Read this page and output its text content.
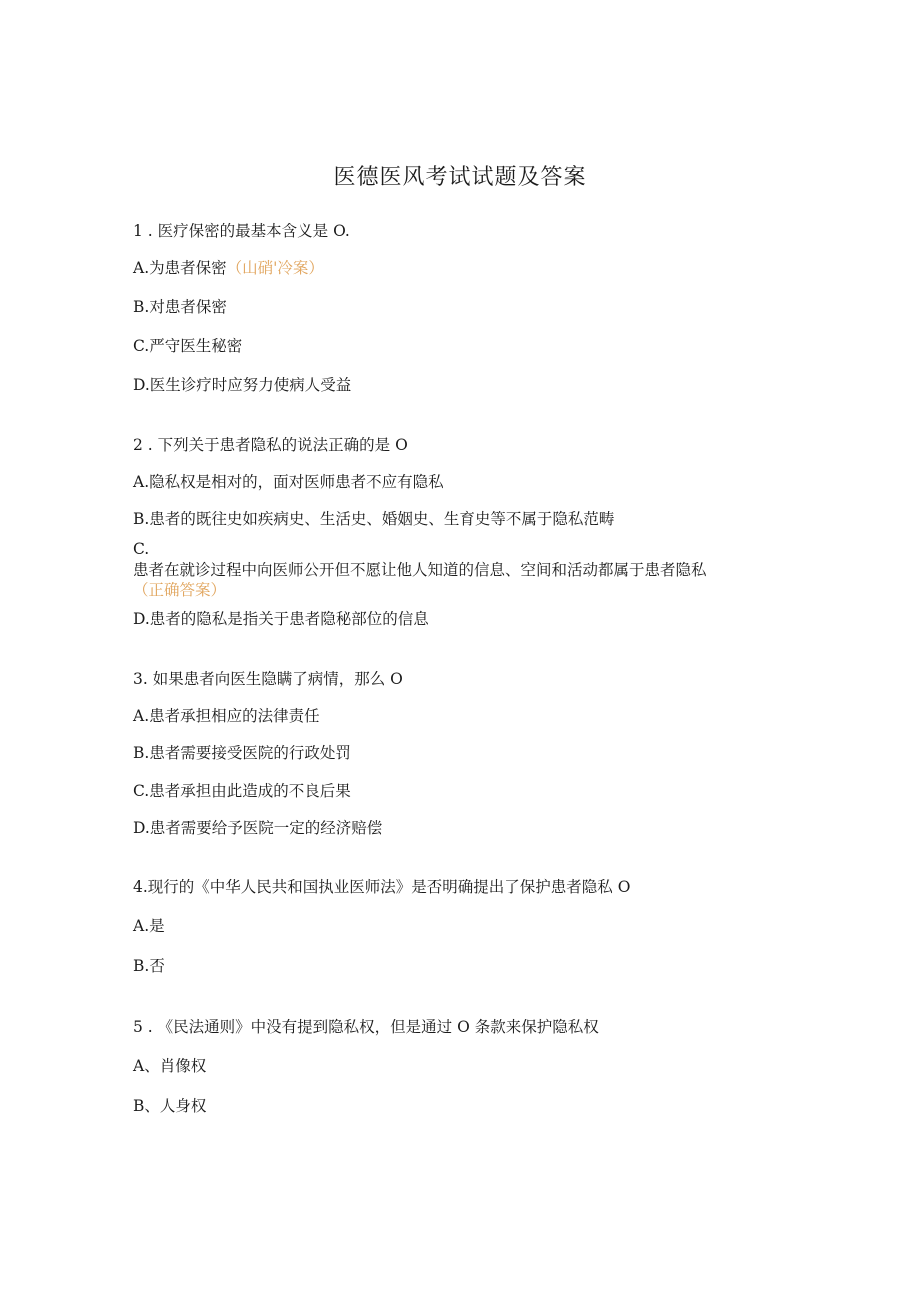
医德医风考试试题及答案
1 . 医疗保密的最基本含义是 O.
A.为患者保密（山硝'冷案）
B.对患者保密
C.严守医生秘密
D.医生诊疗时应努力使病人受益
2 . 下列关于患者隐私的说法正确的是 O
A.隐私权是相对的，面对医师患者不应有隐私
B.患者的既往史如疾病史、生活史、婚姻史、生育史等不属于隐私范畴
C.
患者在就诊过程中向医师公开但不愿让他人知道的信息、空间和活动都属于患者隐私
（正确答案）
D.患者的隐私是指关于患者隐秘部位的信息
3. 如果患者向医生隐瞒了病情，那么 O
A.患者承担相应的法律责任
B.患者需要接受医院的行政处罚
C.患者承担由此造成的不良后果
D.患者需要给予医院一定的经济赔偿
4.现行的《中华人民共和国执业医师法》是否明确提出了保护患者隐私 O
A.是
B.否
5 . 《民法通则》中没有提到隐私权，但是通过 O 条款来保护隐私权
A、肖像权
B、人身权
